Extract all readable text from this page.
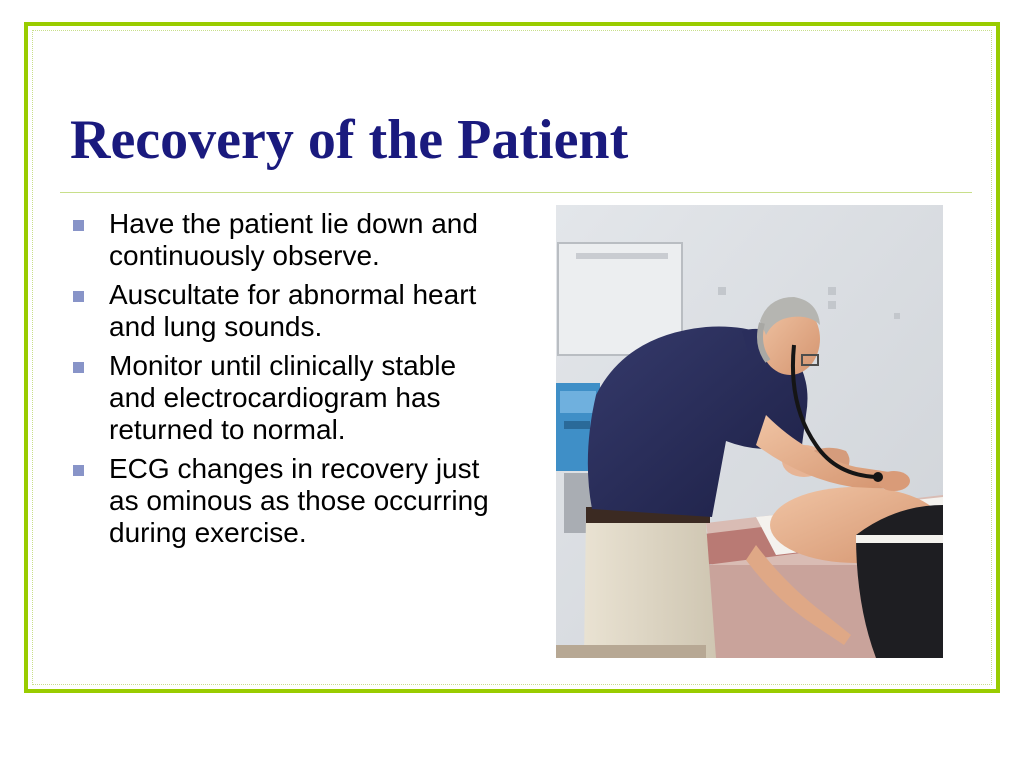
Recovery of the Patient
Have the patient lie down and continuously observe.
Auscultate for abnormal heart and lung sounds.
Monitor until clinically stable and electrocardiogram has returned to normal.
ECG changes in recovery just as ominous as those occurring during exercise.
